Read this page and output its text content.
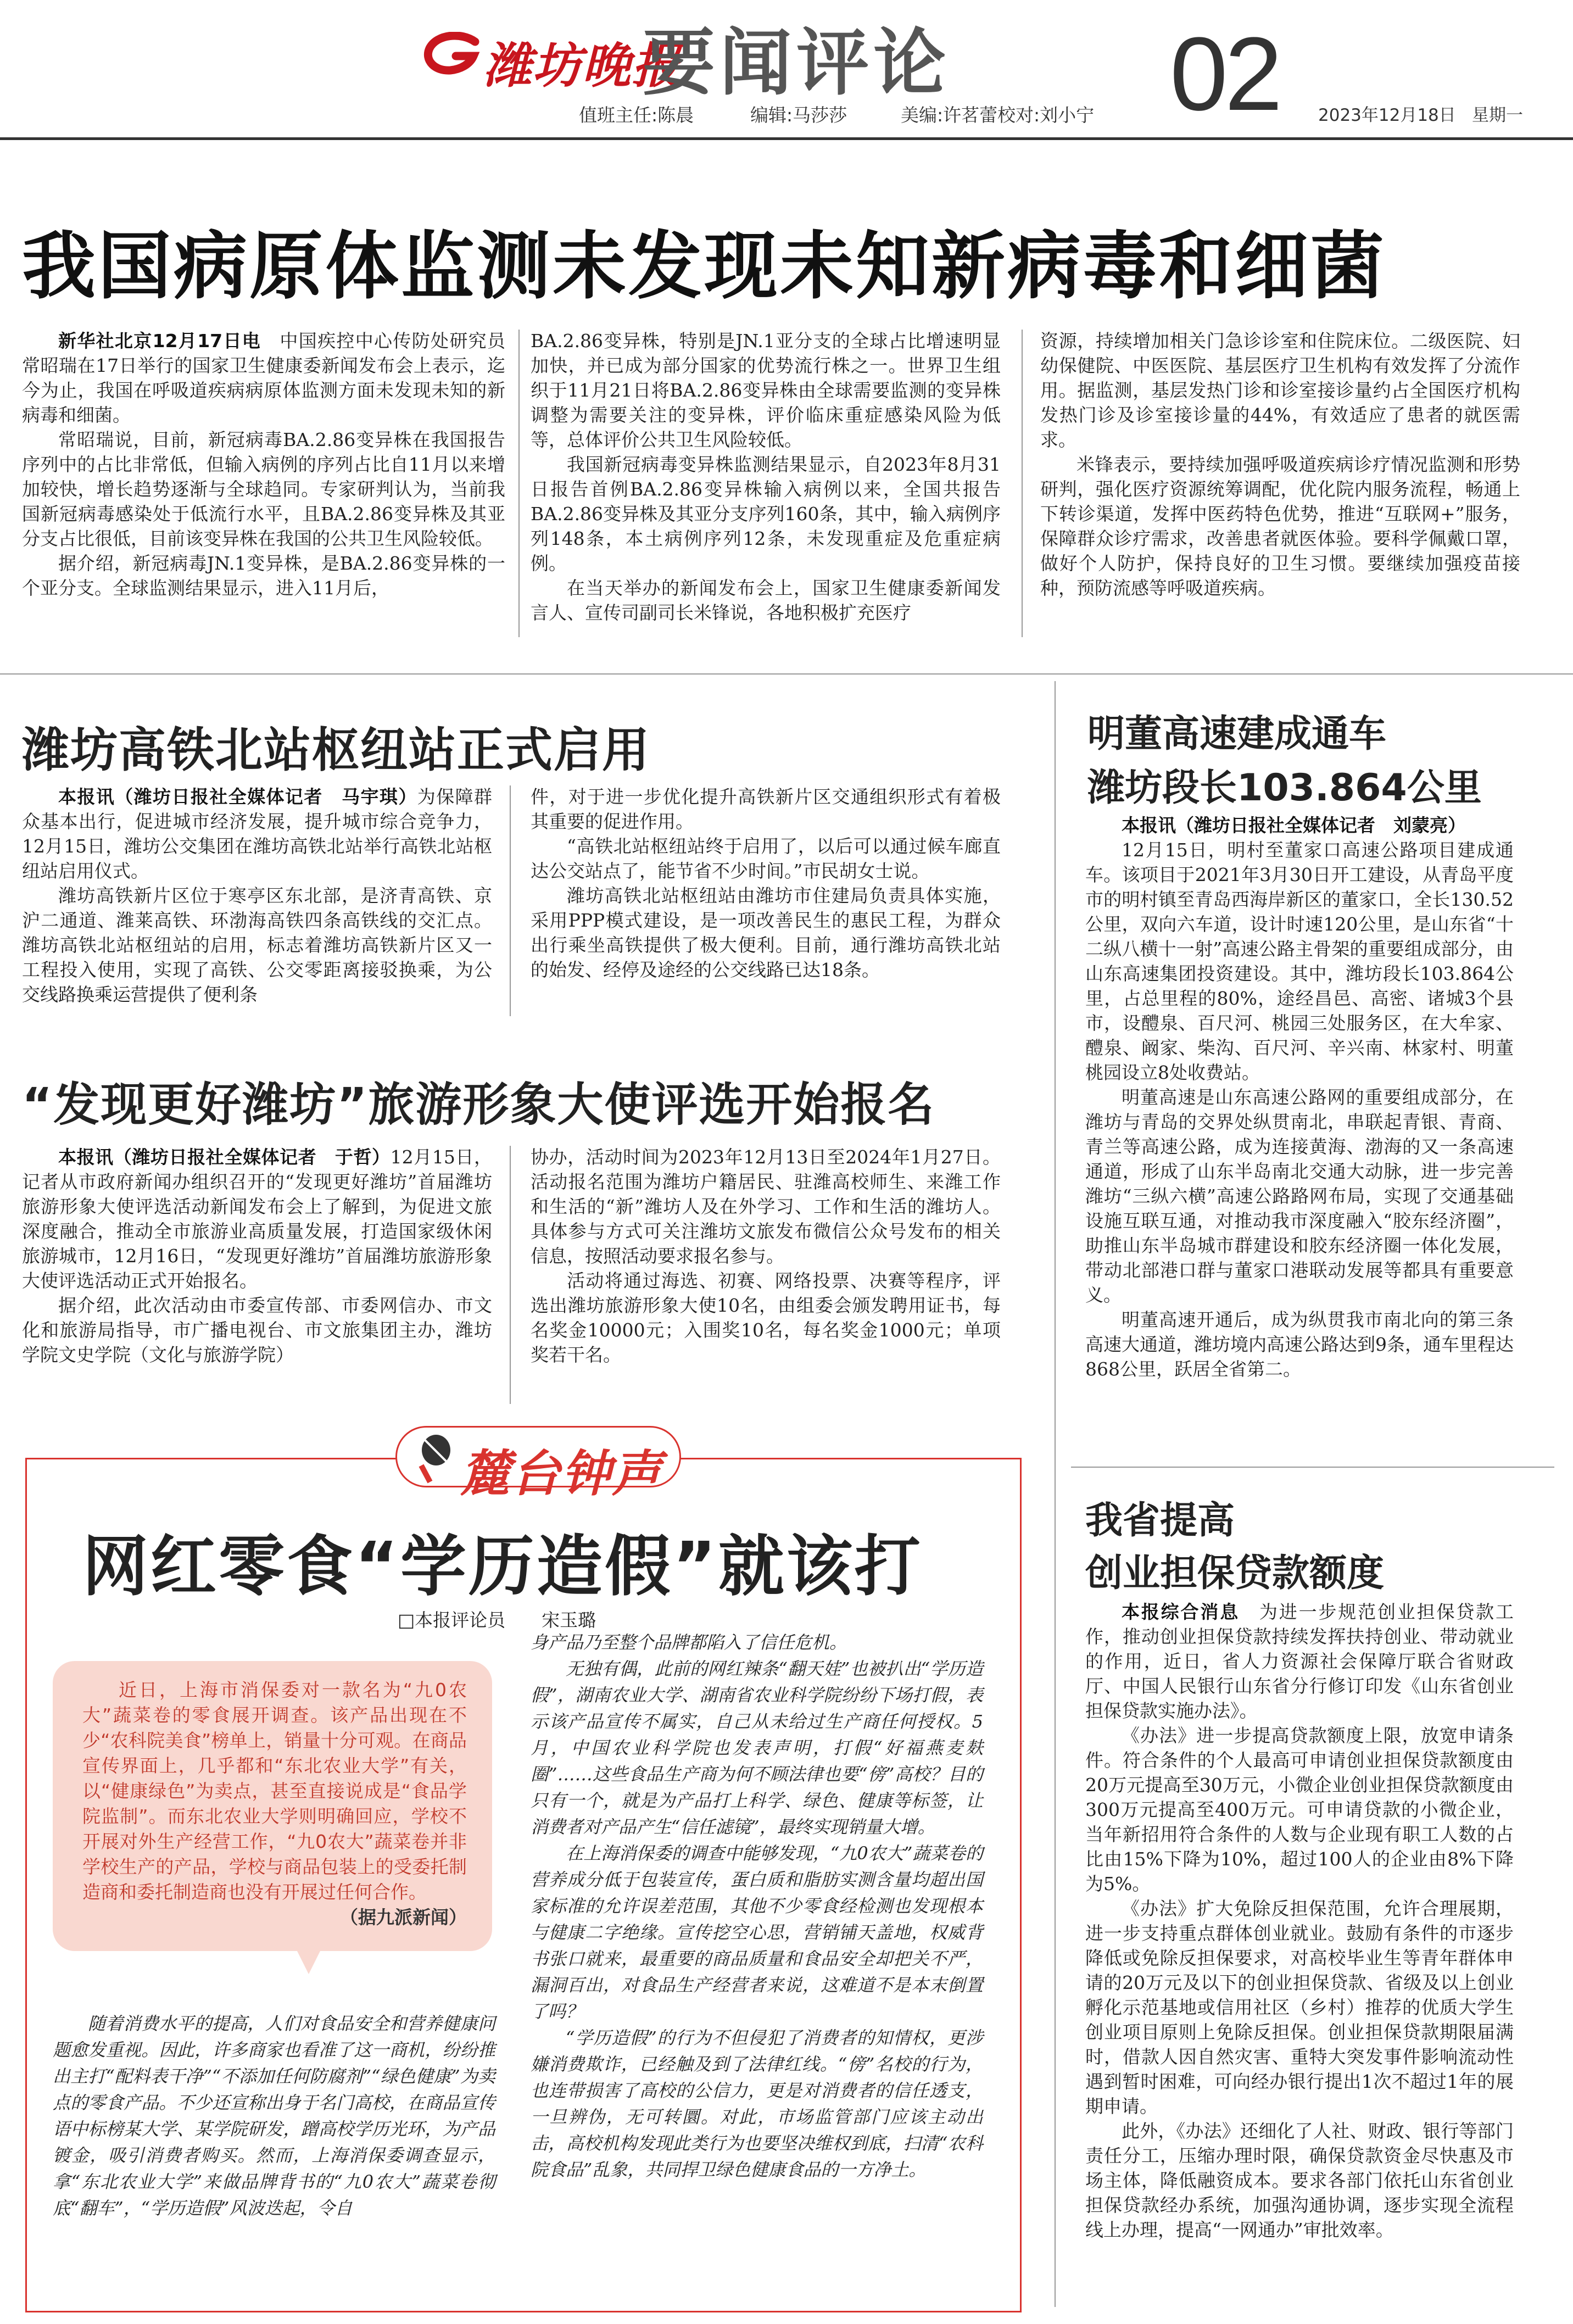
潍坊晚报
要闻评论 02
值班主任:陈晨	编辑:马莎莎	美编:许茗蕾 校对:刘小宁	2023年12月18日 星期一
我国病原体监测未发现未知新病毒和细菌

新华社北京12月17日电　 中国疾控中心传防处研究员常昭瑞在17日举行的国家卫生健康委新闻发布会上表示，迄今为止，我国在呼吸道疾病病原体监测方面未发现未知的新病毒和细菌。

常昭瑞说，目前，新冠病毒BA.2.86变异株在我国报告序列中的占比非常低，但输入病例的序列占比自11月以来增加较快，增长趋势逐渐与全球趋同。专家研判认为，当前我国新冠病毒感染处于低流行水平，且BA.2.86变异株及其亚分支占比很低，目前该变异株在我国的公共卫生风险较低。

据介绍，新冠病毒JN.1变异株，是BA.2.86变异株的一个亚分支。全球监测结果显示，进入11月后，

BA.2.86变异株，特别是JN.1亚分支的全球占比增速明显加快，并已成为部分国家的优势流行株之一。世界卫生组织于11月21日将BA.2.86变异株由全球需要监测的变异株调整为需要关注的变异株，评价临床重症感染风险为低等，总体评价公共卫生风险较低。

我国新冠病毒变异株监测结果显示，自2023年8月31日报告首例BA.2.86变异株输入病例以来，全国共报告BA.2.86变异株及其亚分支序列160条，其中，输入病例序列148条，本土病例序列12条，未发现重症及危重症病例。

在当天举办的新闻发布会上，国家卫生健康委新闻发言人、宣传司副司长米锋说，各地积极扩充医疗

资源，持续增加相关门急诊诊室和住院床位。二级医院、妇幼保健院、中医医院、基层医疗卫生机构有效发挥了分流作用。据监测，基层发热门诊和诊室接诊量约占全国医疗机构发热门诊及诊室接诊量的44%，有效适应了患者的就医需求。

米锋表示，要持续加强呼吸道疾病诊疗情况监测和形势研判，强化医疗资源统筹调配，优化院内服务流程，畅通上下转诊渠道，发挥中医药特色优势，推进“互联网+”服务，保障群众诊疗需求，改善患者就医体验。要科学佩戴口罩，做好个人防护，保持良好的卫生习惯。要继续加强疫苗接种，预防流感等呼吸道疾病。

潍坊高铁北站枢纽站正式启用

本报讯（潍坊日报社全媒体记者　马宇琪）为保障群众基本出行，促进城市经济发展，提升城市综合竞争力，12月15日，潍坊公交集团在潍坊高铁北站举行高铁北站枢纽站启用仪式。

潍坊高铁新片区位于寒亭区东北部，是济青高铁、京沪二通道、潍莱高铁、环渤海高铁四条高铁线的交汇点。潍坊高铁北站枢纽站的启用，标志着潍坊高铁新片区又一工程投入使用，实现了高铁、公交零距离接驳换乘，为公交线路换乘运营提供了便利条

件，对于进一步优化提升高铁新片区交通组织形式有着极其重要的促进作用。

“高铁北站枢纽站终于启用了，以后可以通过候车廊直达公交站点了，能节省不少时间。”市民胡女士说。

潍坊高铁北站枢纽站由潍坊市住建局负责具体实施，采用PPP模式建设，是一项改善民生的惠民工程，为群众出行乘坐高铁提供了极大便利。目前，通行潍坊高铁北站的始发、经停及途经的公交线路已达18条。

“发现更好潍坊”旅游形象大使评选开始报名

本报讯（潍坊日报社全媒体记者　于哲）12月15日，记者从市政府新闻办组织召开的“发现更好潍坊”首届潍坊旅游形象大使评选活动新闻发布会上了解到，为促进文旅深度融合，推动全市旅游业高质量发展，打造国家级休闲旅游城市，12月16日，“发现更好潍坊”首届潍坊旅游形象大使评选活动正式开始报名。

据介绍，此次活动由市委宣传部、市委网信办、市文化和旅游局指导，市广播电视台、市文旅集团主办，潍坊学院文史学院（文化与旅游学院）

协办，活动时间为2023年12月13日至2024年1月27日。活动报名范围为潍坊户籍居民、驻潍高校师生、来潍工作和生活的“新”潍坊人及在外学习、工作和生活的潍坊人。具体参与方式可关注潍坊文旅发布微信公众号发布的相关信息，按照活动要求报名参与。

活动将通过海选、初赛、网络投票、决赛等程序，评选出潍坊旅游形象大使10名，由组委会颁发聘用证书，每名奖金10000元；入围奖10名，每名奖金1000元；单项奖若干名。

明董高速建成通车
潍坊段长103.864公里

本报讯（潍坊日报社全媒体记者　刘蒙亮）

12月15日，明村至董家口高速公路项目建成通车。该项目于2021年3月30日开工建设，从青岛平度市的明村镇至青岛西海岸新区的董家口，全长130.52公里，双向六车道，设计时速120公里，是山东省“十二纵八横十一射”高速公路主骨架的重要组成部分，由山东高速集团投资建设。其中，潍坊段长103.864公里，占总里程的80%，途经昌邑、高密、诸城3个县市，设醴泉、百尺河、桃园三处服务区，在大牟家、醴泉、阚家、柴沟、百尺河、辛兴南、林家村、明董桃园设立8处收费站。

明董高速是山东高速公路网的重要组成部分，在潍坊与青岛的交界处纵贯南北，串联起青银、青商、青兰等高速公路，成为连接黄海、渤海的又一条高速通道，形成了山东半岛南北交通大动脉，进一步完善潍坊“三纵六横”高速公路路网布局，实现了交通基础设施互联互通，对推动我市深度融入“胶东经济圈”，助推山东半岛城市群建设和胶东经济圈一体化发展，带动北部港口群与董家口港联动发展等都具有重要意义。

明董高速开通后，成为纵贯我市南北向的第三条高速大通道，潍坊境内高速公路达到9条，通车里程达868公里，跃居全省第二。

我省提高
创业担保贷款额度

本报综合消息　 为进一步规范创业担保贷款工作，推动创业担保贷款持续发挥扶持创业、带动就业的作用，近日，省人力资源社会保障厅联合省财政厅、中国人民银行山东省分行修订印发《山东省创业担保贷款实施办法》。

《办法》进一步提高贷款额度上限，放宽申请条件。符合条件的个人最高可申请创业担保贷款额度由20万元提高至30万元，小微企业创业担保贷款额度由300万元提高至400万元。可申请贷款的小微企业，当年新招用符合条件的人数与企业现有职工人数的占比由15%下降为10%，超过100人的企业由8%下降为5%。

《办法》扩大免除反担保范围，允许合理展期，进一步支持重点群体创业就业。鼓励有条件的市逐步降低或免除反担保要求，对高校毕业生等青年群体申请的20万元及以下的创业担保贷款、省级及以上创业孵化示范基地或信用社区（乡村）推荐的优质大学生创业项目原则上免除反担保。创业担保贷款期限届满时，借款人因自然灾害、重特大突发事件影响流动性遇到暂时困难，可向经办银行提出1次不超过1年的展期申请。

此外，《办法》还细化了人社、财政、银行等部门责任分工，压缩办理时限，确保贷款资金尽快惠及市场主体，降低融资成本。要求各部门依托山东省创业担保贷款经办系统，加强沟通协调，逐步实现全流程线上办理，提高“一网通办”审批效率。

麓台钟声
网红零食“学历造假”就该打
□本报评论员　　宋玉璐

近日，上海市消保委对一款名为“九0农大”蔬菜卷的零食展开调查。该产品出现在不少“农科院美食”榜单上，销量十分可观。在商品宣传界面上，几乎都和“东北农业大学”有关，以“健康绿色”为卖点，甚至直接说成是“食品学院监制”。而东北农业大学则明确回应，学校不开展对外生产经营工作，“九0农大”蔬菜卷并非学校生产的产品，学校与商品包装上的受委托制造商和委托制造商也没有开展过任何合作。

（据九派新闻）

随着消费水平的提高，人们对食品安全和营养健康问题愈发重视。因此，许多商家也看准了这一商机，纷纷推出主打“配料表干净”“不添加任何防腐剂”“绿色健康”为卖点的零食产品。不少还宣称出身于名门高校，在商品宣传语中标榜某大学、某学院研发，蹭高校学历光环，为产品镀金，吸引消费者购买。然而，上海消保委调查显示，拿“东北农业大学”来做品牌背书的“九0农大”蔬菜卷彻底“翻车”，“学历造假”风波迭起，令自

身产品乃至整个品牌都陷入了信任危机。

无独有偶，此前的网红辣条“翻天娃”也被扒出“学历造假”，湖南农业大学、湖南省农业科学院纷纷下场打假，表示该产品宣传不属实，自己从未给过生产商任何授权。5月，中国农业科学院也发表声明，打假“好福燕麦麸圈”……这些食品生产商为何不顾法律也要“傍”高校？目的只有一个，就是为产品打上科学、绿色、健康等标签，让消费者对产品产生“信任滤镜”，最终实现销量大增。

在上海消保委的调查中能够发现，“九0农大”蔬菜卷的营养成分低于包装宣传，蛋白质和脂肪实测含量均超出国家标准的允许误差范围，其他不少零食经检测也发现根本与健康二字绝缘。宣传挖空心思，营销铺天盖地，权威背书张口就来，最重要的商品质量和食品安全却把关不严，漏洞百出，对食品生产经营者来说，这难道不是本末倒置了吗？

“学历造假”的行为不但侵犯了消费者的知情权，更涉嫌消费欺诈，已经触及到了法律红线。“傍”名校的行为，也连带损害了高校的公信力，更是对消费者的信任透支，一旦辨伪，无可转圜。对此，市场监管部门应该主动出击，高校机构发现此类行为也要坚决维权到底，扫清“农科院食品”乱象，共同捍卫绿色健康食品的一方净土。
